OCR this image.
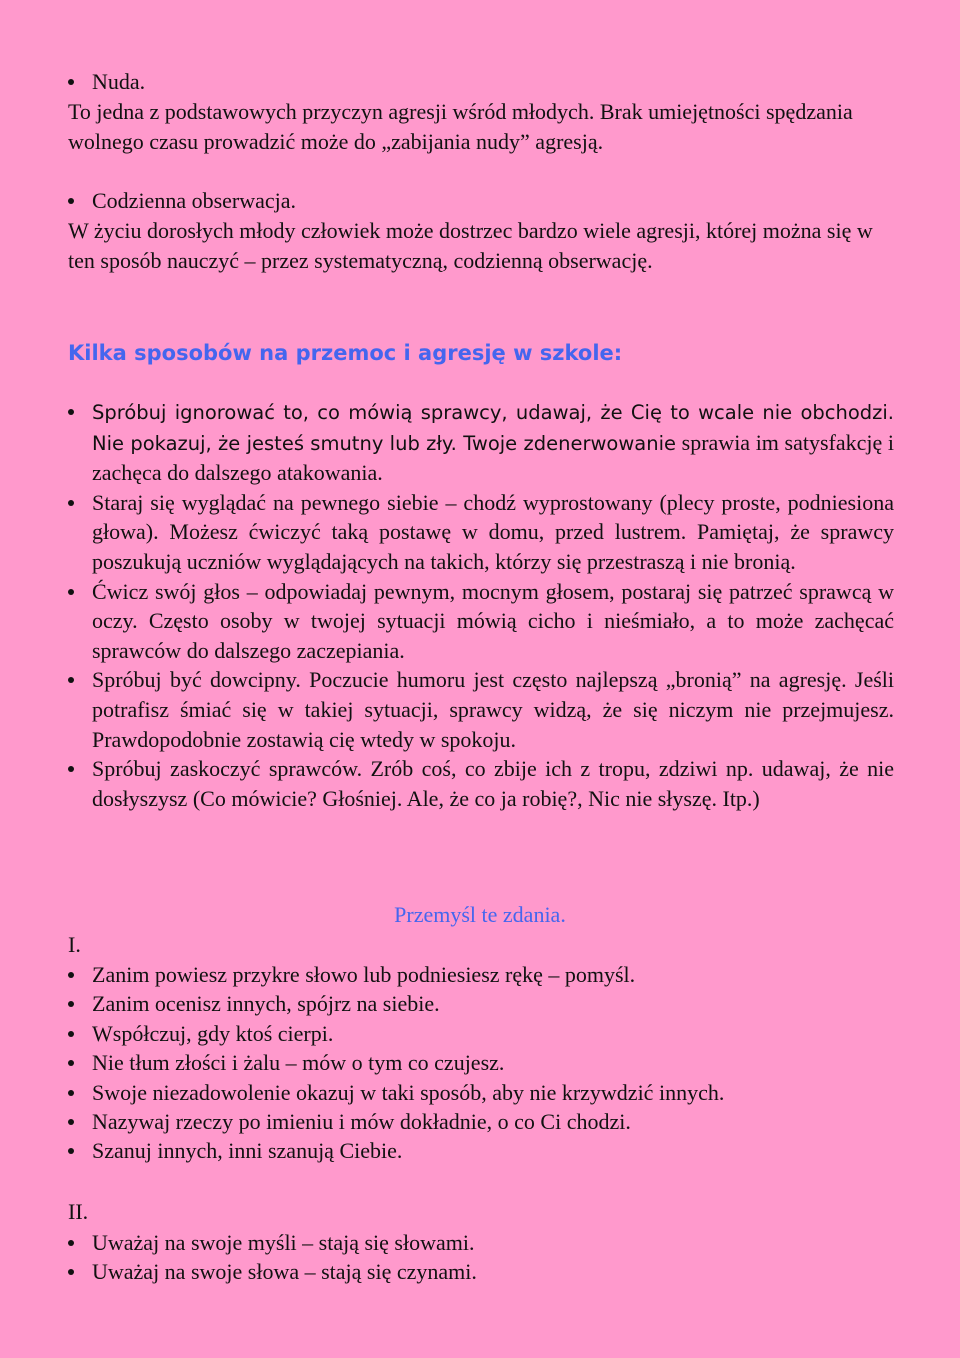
Nuda.
To jedna z podstawowych przyczyn agresji wśród młodych. Brak umiejętności spędzania wolnego czasu prowadzić może do „zabijania nudy” agresją.
Codzienna obserwacja.
W życiu dorosłych młody człowiek może dostrzec bardzo wiele agresji, której można się w ten sposób nauczyć – przez systematyczną, codzienną obserwację.
Kilka sposobów na przemoc i agresję w szkole:
Spróbuj ignorować to, co mówią sprawcy, udawaj, że Cię to wcale nie obchodzi. Nie pokazuj, że jesteś smutny lub zły. Twoje zdenerwowanie sprawia im satysfakcję i zachęca do dalszego atakowania.
Staraj się wyglądać na pewnego siebie – chodź wyprostowany (plecy proste, podniesiona głowa). Możesz ćwiczyć taką postawę w domu, przed lustrem. Pamiętaj, że sprawcy poszukują uczniów wyglądających na takich, którzy się przestraszą i nie bronią.
Ćwicz swój głos – odpowiadaj pewnym, mocnym głosem, postaraj się patrzeć sprawcą w oczy. Często osoby w twojej sytuacji mówią cicho i nieśmiało, a to może zachęcać sprawców do dalszego zaczepiania.
Spróbuj być dowcipny. Poczucie humoru jest często najlepszą „bronią” na agresję. Jeśli potrafisz śmiać się w takiej sytuacji, sprawcy widzą, że się niczym nie przejmujesz. Prawdopodobnie zostawią cię wtedy w spokoju.
Spróbuj zaskoczyć sprawców. Zrób coś, co zbije ich z tropu, zdziwi np. udawaj, że nie dosłyszysz (Co mówicie? Głośniej. Ale, że co ja robię?, Nic nie słyszę. Itp.)
Przemyśl te zdania.
I.
Zanim powiesz przykre słowo lub podniesiesz rękę – pomyśl.
Zanim ocenisz innych, spójrz na siebie.
Współczuj, gdy ktoś cierpi.
Nie tłum złości i żalu – mów o tym co czujesz.
Swoje niezadowolenie okazuj w taki sposób, aby nie krzywdzić innych.
Nazywaj rzeczy po imieniu i mów dokładnie, o co Ci chodzi.
Szanuj innych, inni szanują Ciebie.
II.
Uważaj na swoje myśli – stają się słowami.
Uważaj na swoje słowa – stają się czynami.
